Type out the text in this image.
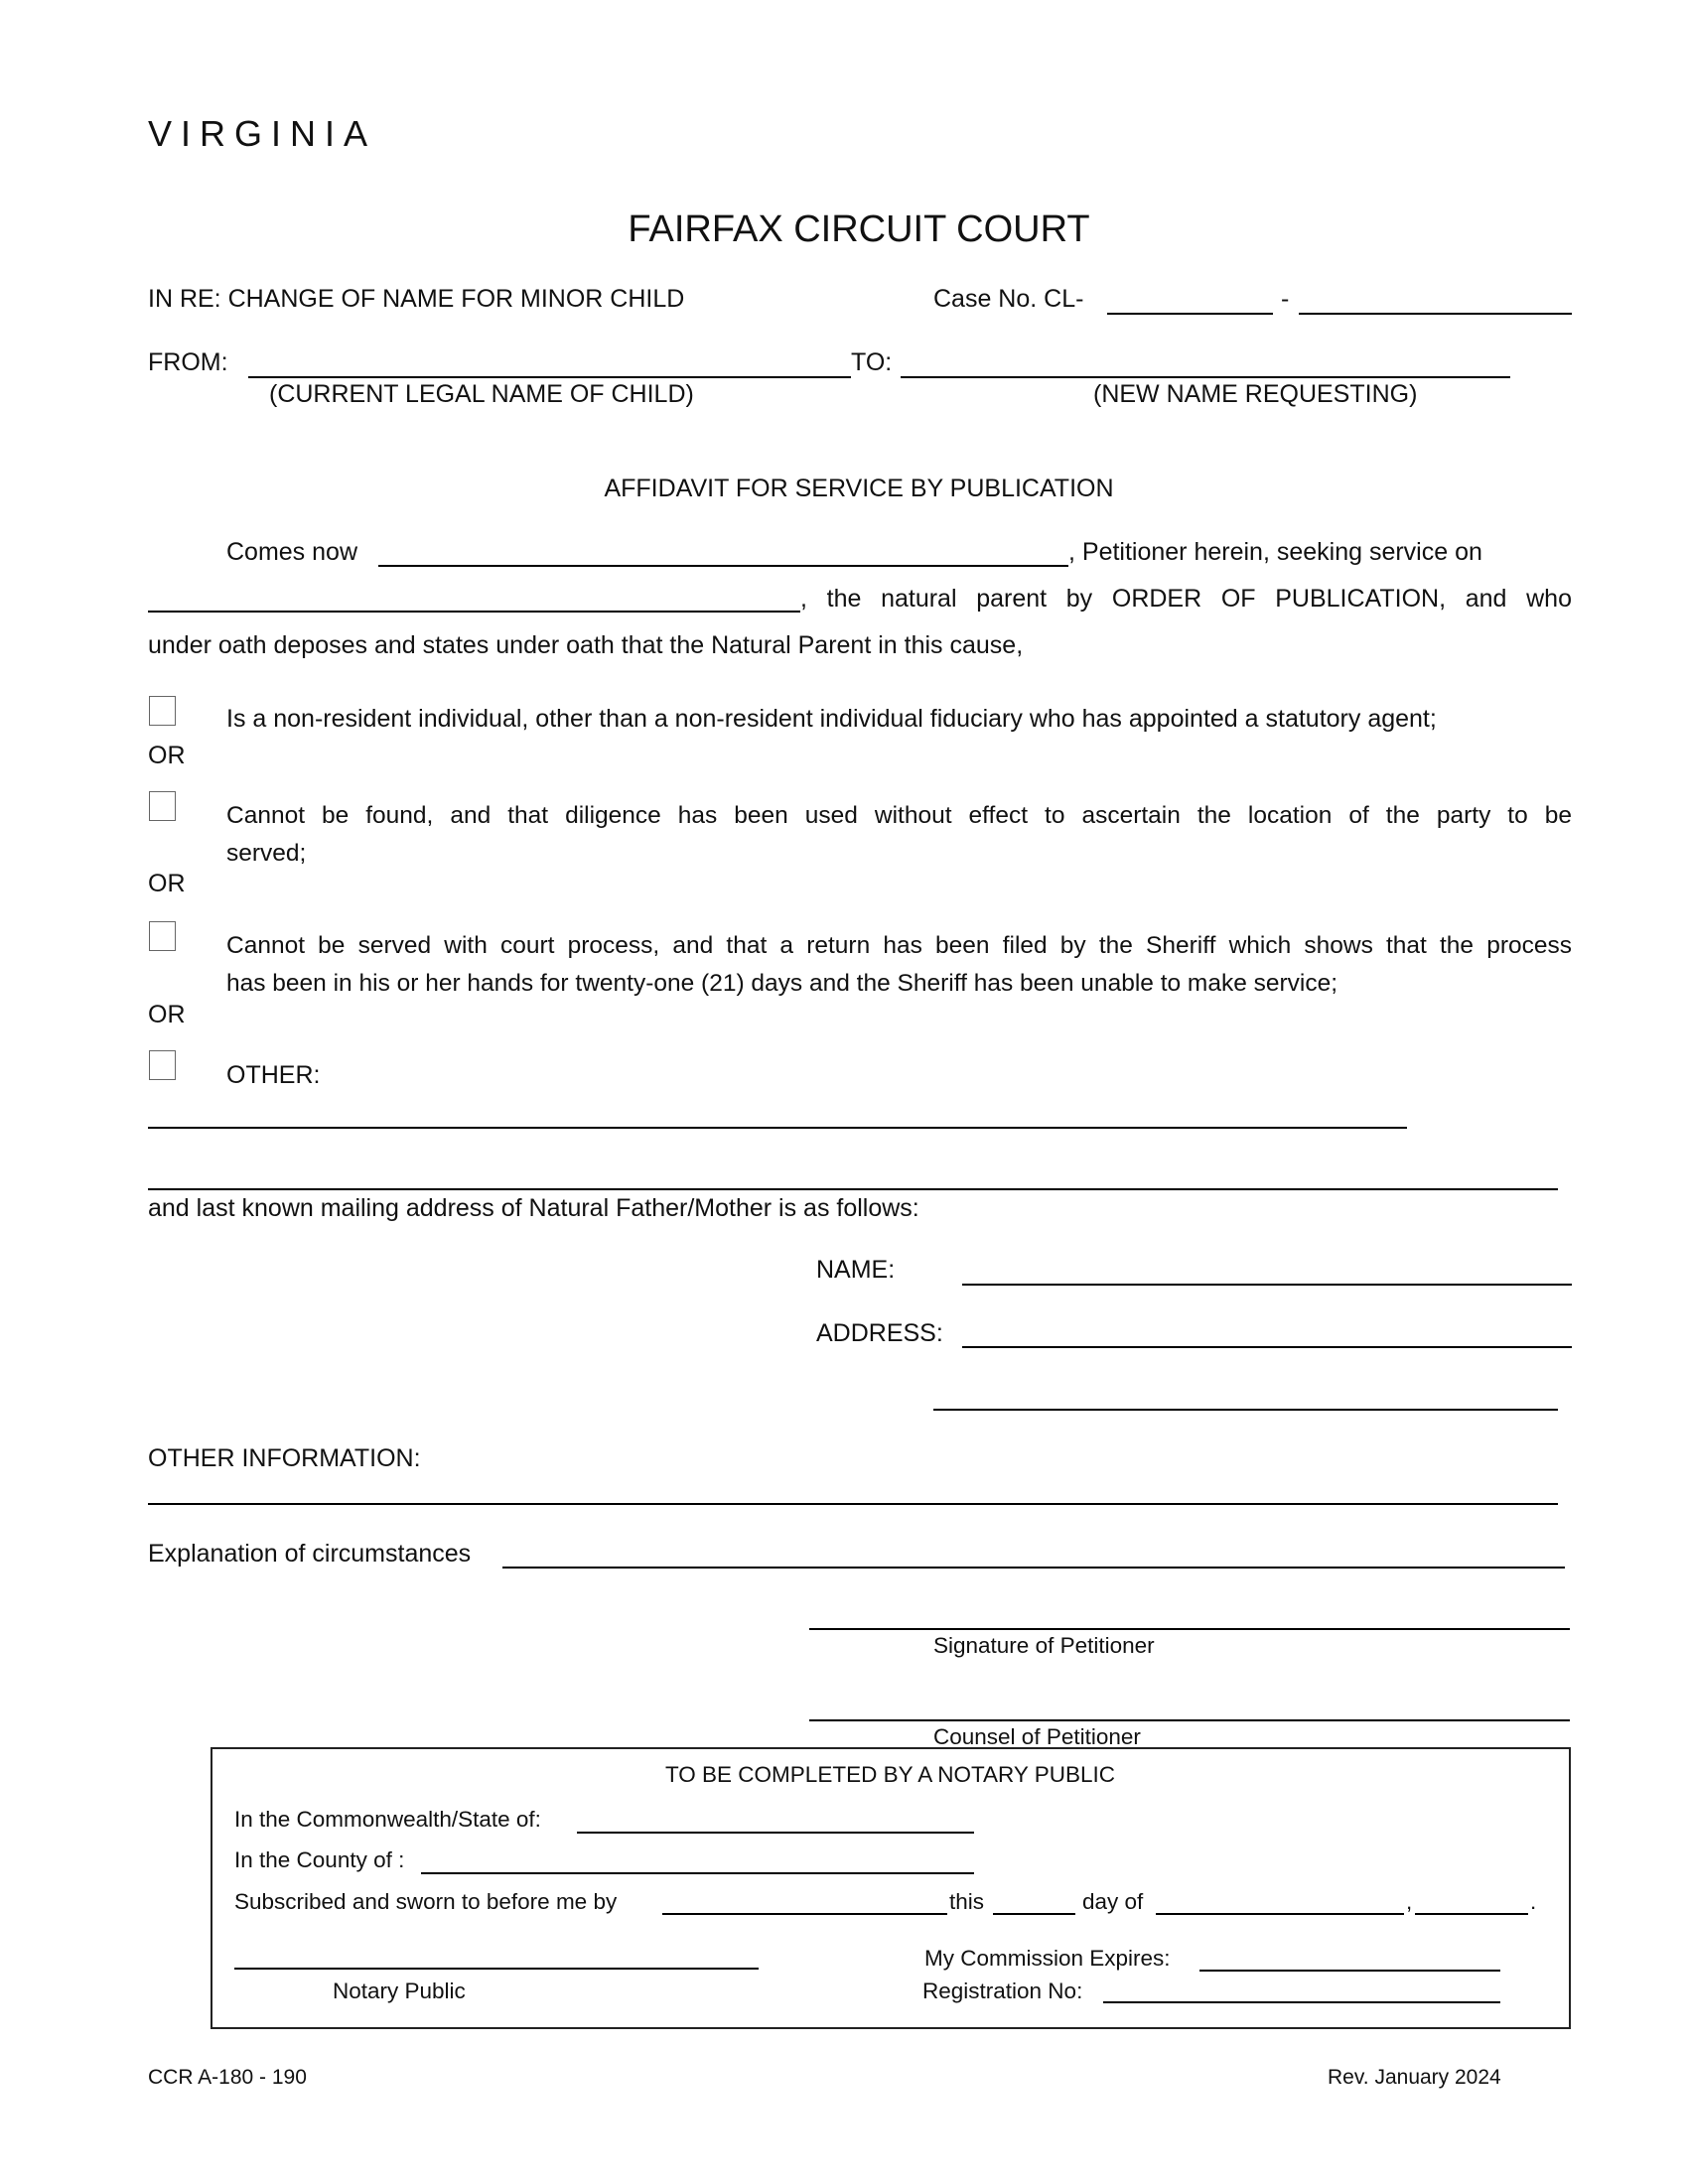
VIRGINIA
FAIRFAX CIRCUIT COURT
IN RE: CHANGE OF NAME FOR MINOR CHILD	Case No. CL-	-
FROM:	TO:
(CURRENT LEGAL NAME OF CHILD)	(NEW NAME REQUESTING)
AFFIDAVIT FOR SERVICE BY PUBLICATION
Comes now	, Petitioner herein, seeking service on
, the natural parent by ORDER OF PUBLICATION, and who
under oath deposes and states under oath that the Natural Parent in this cause,
Is a non-resident individual, other than a non-resident individual fiduciary who has appointed a statutory agent;
OR
Cannot be found, and that diligence has been used without effect to ascertain the location of the party to be
served;
OR
Cannot be served with court process, and that a return has been filed by the Sheriff which shows that the process
has been in his or her hands for twenty-one (21) days and the Sheriff has been unable to make service;
OR
OTHER:
and last known mailing address of Natural Father/Mother is as follows:
NAME:
ADDRESS:
OTHER INFORMATION:
Explanation of circumstances
Signature of Petitioner
Counsel of Petitioner
TO BE COMPLETED BY A NOTARY PUBLIC
In the Commonwealth/State of:
In the County of :
Subscribed and sworn to before me by	this	day of	,	.
Notary Public
My Commission Expires:
Registration No:
CCR A-180 - 190	Rev. January 2024
